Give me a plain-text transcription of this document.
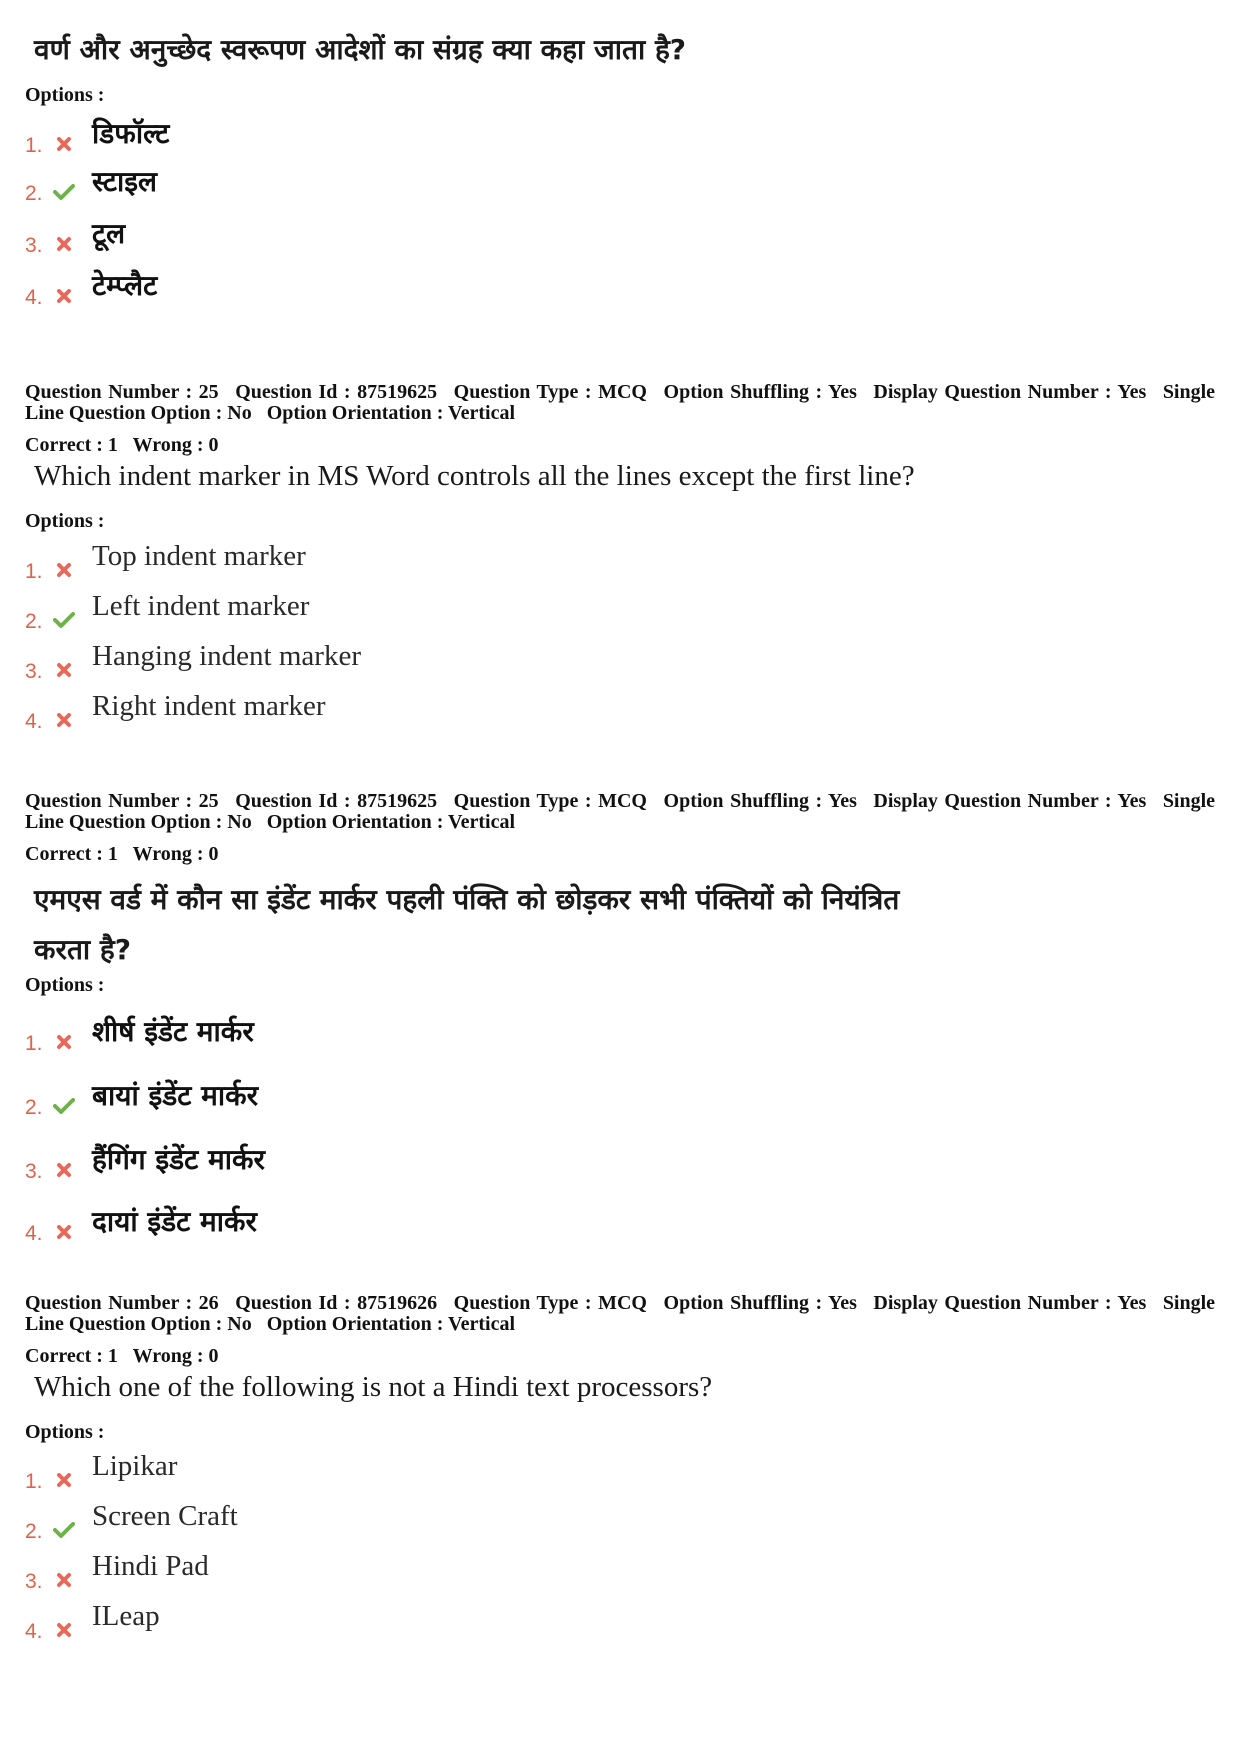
वर्ण और अनुच्छेद स्वरूपण आदेशों का संग्रह क्या कहा जाता है?
Options :
1. डिफॉल्ट
2. स्टाइल
3. टूल
4. टेम्प्लैट
Question Number : 25 Question Id : 87519625 Question Type : MCQ Option Shuffling : Yes Display Question Number : Yes Single Line Question Option : No Option Orientation : Vertical
Correct : 1 Wrong : 0
Which indent marker in MS Word controls all the lines except the first line?
Options :
1. Top indent marker
2. Left indent marker
3. Hanging indent marker
4. Right indent marker
Question Number : 25 Question Id : 87519625 Question Type : MCQ Option Shuffling : Yes Display Question Number : Yes Single Line Question Option : No Option Orientation : Vertical
Correct : 1 Wrong : 0
एमएस वर्ड में कौन सा इंडेंट मार्कर पहली पंक्ति को छोड़कर सभी पंक्तियों को नियंत्रित
करता है?
Options :
1. शीर्ष इंडेंट मार्कर
2. बायां इंडेंट मार्कर
3. हैंगिंग इंडेंट मार्कर
4. दायां इंडेंट मार्कर
Question Number : 26 Question Id : 87519626 Question Type : MCQ Option Shuffling : Yes Display Question Number : Yes Single Line Question Option : No Option Orientation : Vertical
Correct : 1 Wrong : 0
Which one of the following is not a Hindi text processors?
Options :
1. Lipikar
2. Screen Craft
3. Hindi Pad
4. ILeap
